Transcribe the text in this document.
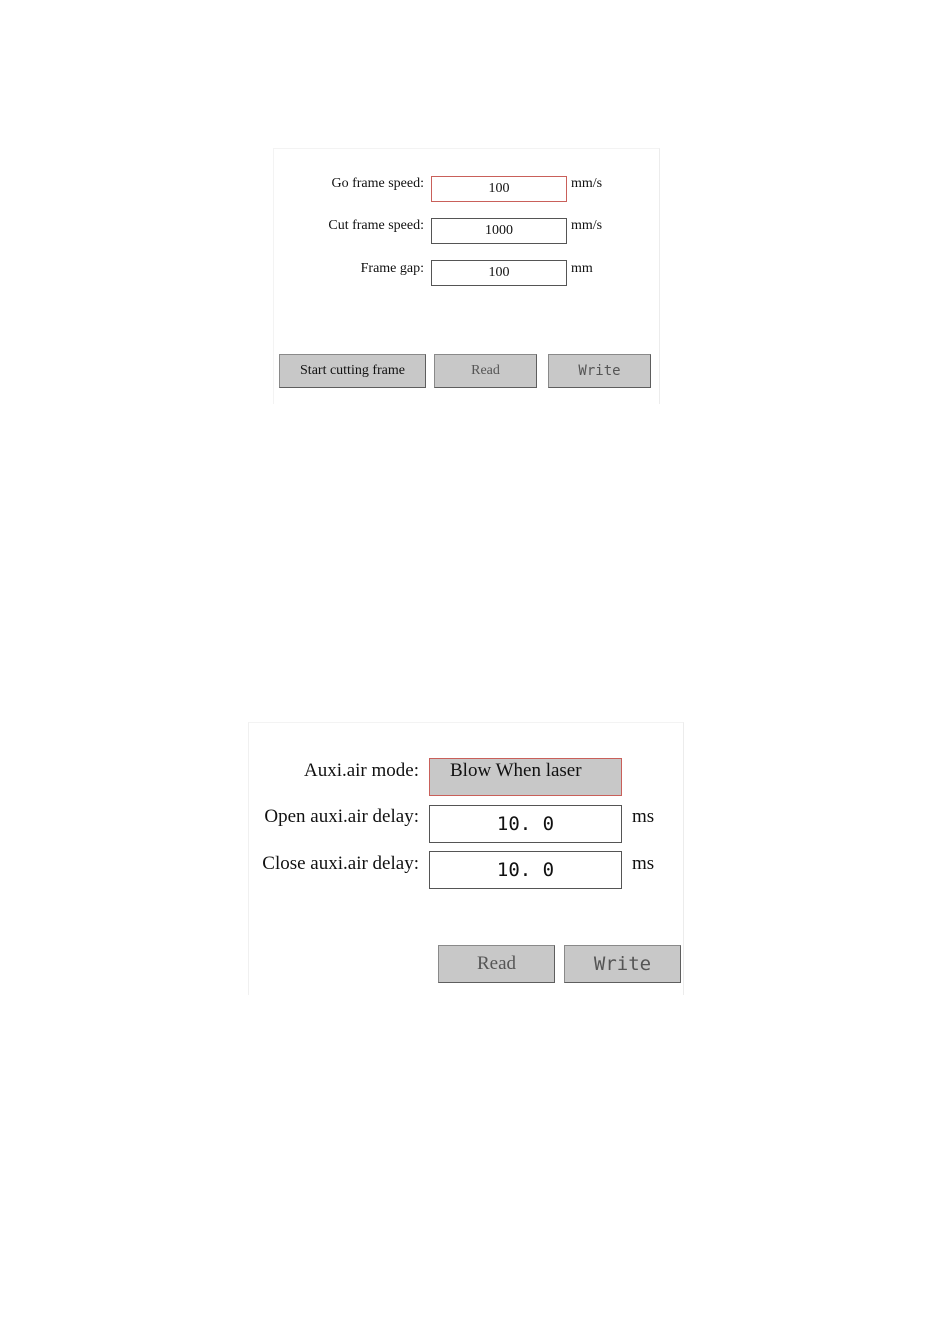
Go frame speed:	100	mm/s
Cut frame speed:	1000	mm/s
Frame gap:	100	mm
Start cutting frame	Read	Write
Auxi.air mode:	Blow When laser
Open auxi.air delay:	10. 0	ms
Close auxi.air delay:	10. 0	ms
Read	Write
